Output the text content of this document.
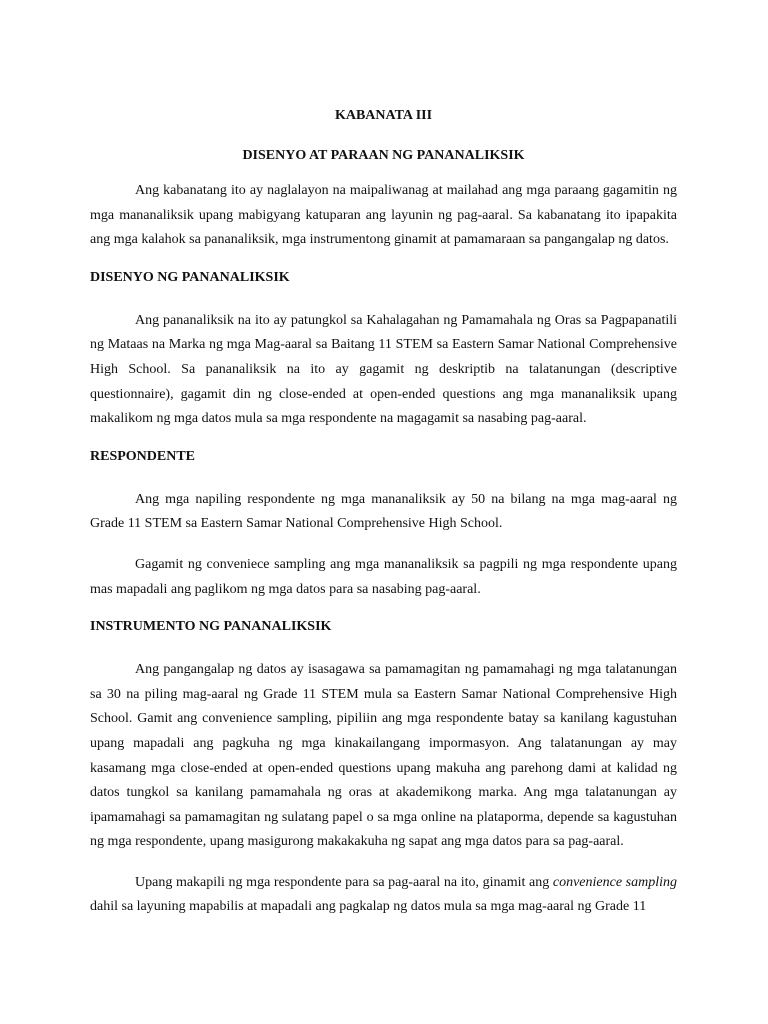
KABANATA III

DISENYO AT PARAAN NG PANANALIKSIK

Ang kabanatang ito ay naglalayon na maipaliwanag at mailahad ang mga paraang gagamitin ng mga mananaliksik upang mabigyang katuparan ang layunin ng pag-aaral. Sa kabanatang ito ipapakita ang mga kalahok sa pananaliksik, mga instrumentong ginamit at pamamaraan sa pangangalap ng datos.

DISENYO NG PANANALIKSIK

Ang pananaliksik na ito ay patungkol sa Kahalagahan ng Pamamahala ng Oras sa Pagpapanatili ng Mataas na Marka ng mga Mag-aaral sa Baitang 11 STEM sa Eastern Samar National Comprehensive High School. Sa pananaliksik na ito ay gagamit ng deskriptib na talatanungan (descriptive questionnaire), gagamit din ng close-ended at open-ended questions ang mga mananaliksik upang makalikom ng mga datos mula sa mga respondente na magagamit sa nasabing pag-aaral.

RESPONDENTE

Ang mga napiling respondente ng mga mananaliksik ay 50 na bilang na mga mag-aaral ng Grade 11 STEM sa Eastern Samar National Comprehensive High School.

Gagamit ng conveniece sampling ang mga mananaliksik sa pagpili ng mga respondente upang mas mapadali ang paglikom ng mga datos para sa nasabing pag-aaral.

INSTRUMENTO NG PANANALIKSIK

Ang pangangalap ng datos ay isasagawa sa pamamagitan ng pamamahagi ng mga talatanungan sa 30 na piling mag-aaral ng Grade 11 STEM mula sa Eastern Samar National Comprehensive High School. Gamit ang convenience sampling, pipiliin ang mga respondente batay sa kanilang kagustuhan upang mapadali ang pagkuha ng mga kinakailangang impormasyon. Ang talatanungan ay may kasamang mga close-ended at open-ended questions upang makuha ang parehong dami at kalidad ng datos tungkol sa kanilang pamamahala ng oras at akademikong marka. Ang mga talatanungan ay ipamamahagi sa pamamagitan ng sulatang papel o sa mga online na plataporma, depende sa kagustuhan ng mga respondente, upang masigurong makakakuha ng sapat ang mga datos para sa pag-aaral.

Upang makapili ng mga respondente para sa pag-aaral na ito, ginamit ang convenience sampling dahil sa layuning mapabilis at mapadali ang pagkalap ng datos mula sa mga mag-aaral ng Grade 11
